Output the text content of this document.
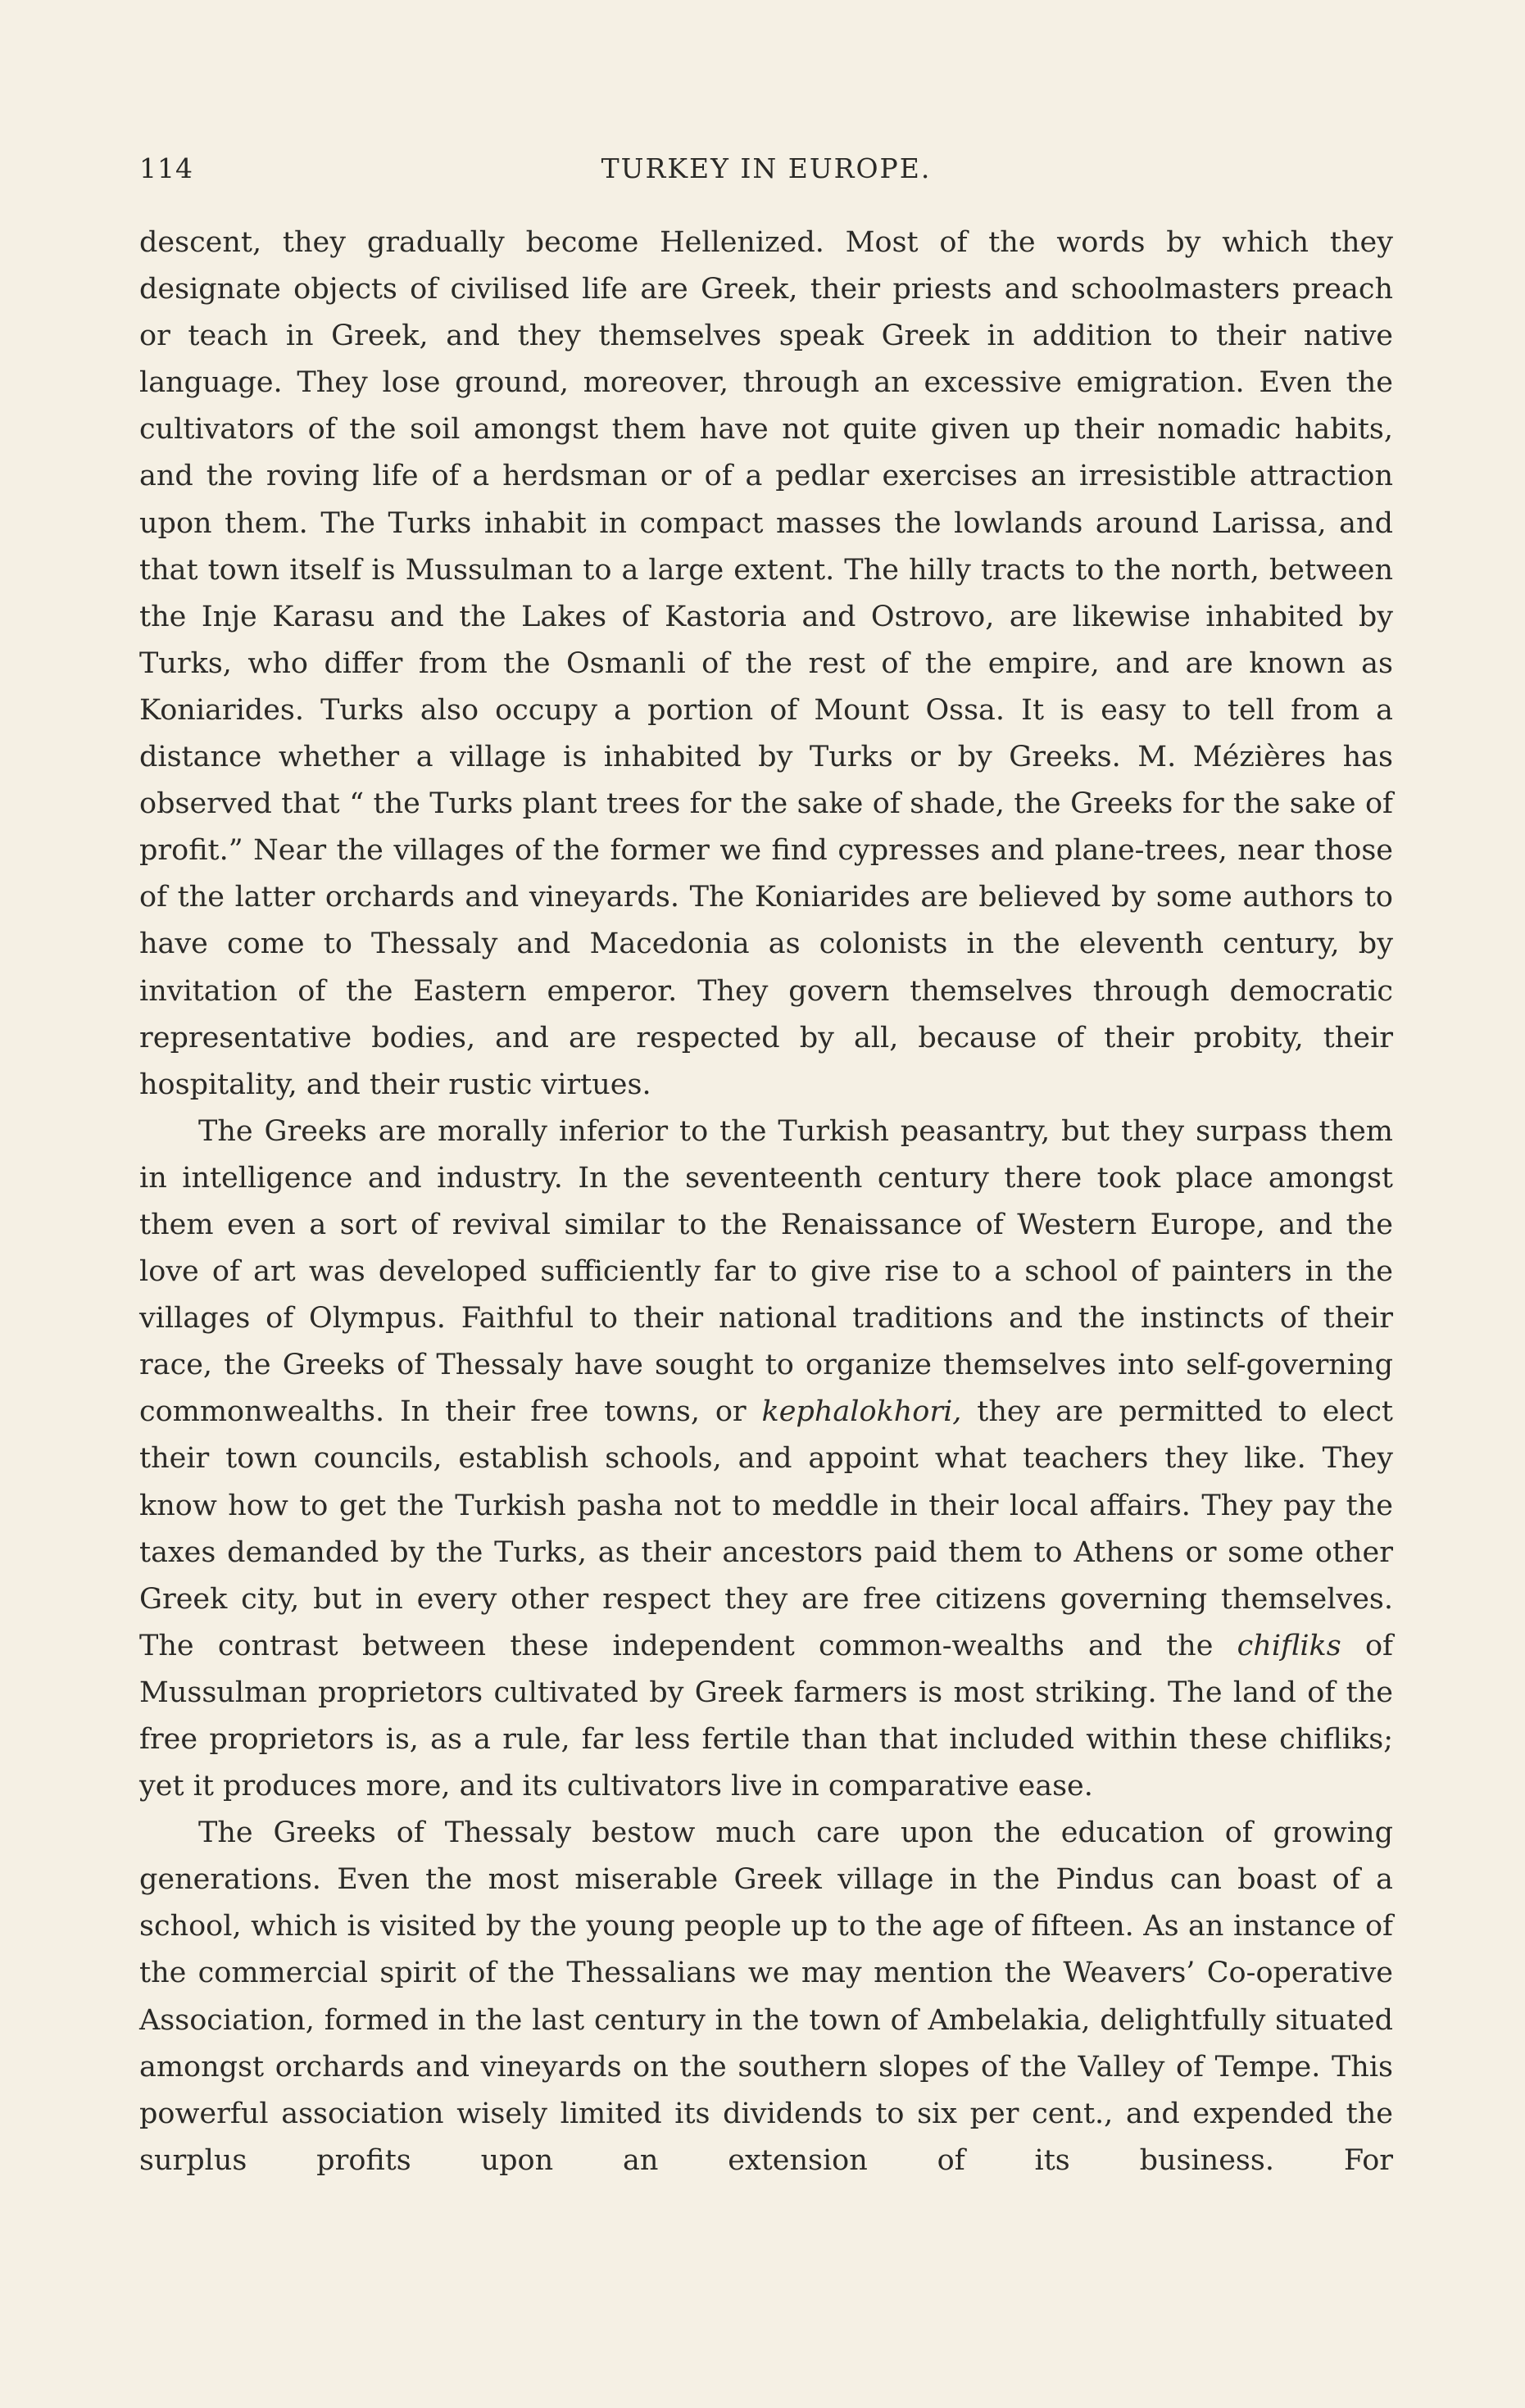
114	TURKEY IN EUROPE.

descent, they gradually become Hellenized. Most of the words by which they designate objects of civilised life are Greek, their priests and schoolmasters preach or teach in Greek, and they themselves speak Greek in addition to their native language. They lose ground, moreover, through an excessive emigration. Even the cultivators of the soil amongst them have not quite given up their nomadic habits, and the roving life of a herdsman or of a pedlar exercises an irresistible attraction upon them. The Turks inhabit in compact masses the lowlands around Larissa, and that town itself is Mussulman to a large extent. The hilly tracts to the north, between the Inje Karasu and the Lakes of Kastoria and Ostrovo, are likewise inhabited by Turks, who differ from the Osmanli of the rest of the empire, and are known as Koniarides. Turks also occupy a portion of Mount Ossa. It is easy to tell from a distance whether a village is inhabited by Turks or by Greeks. M. Mézières has observed that “ the Turks plant trees for the sake of shade, the Greeks for the sake of profit.” Near the villages of the former we find cypresses and plane-trees, near those of the latter orchards and vineyards. The Koniarides are believed by some authors to have come to Thessaly and Macedonia as colonists in the eleventh century, by invitation of the Eastern emperor. They govern themselves through democratic representative bodies, and are respected by all, because of their probity, their hospitality, and their rustic virtues.

The Greeks are morally inferior to the Turkish peasantry, but they surpass them in intelligence and industry. In the seventeenth century there took place amongst them even a sort of revival similar to the Renaissance of Western Europe, and the love of art was developed sufficiently far to give rise to a school of painters in the villages of Olympus. Faithful to their national traditions and the instincts of their race, the Greeks of Thessaly have sought to organize themselves into self-governing commonwealths. In their free towns, or kephalokhori, they are permitted to elect their town councils, establish schools, and appoint what teachers they like. They know how to get the Turkish pasha not to meddle in their local affairs. They pay the taxes demanded by the Turks, as their ancestors paid them to Athens or some other Greek city, but in every other respect they are free citizens governing themselves. The contrast between these independent common-wealths and the chifliks of Mussulman proprietors cultivated by Greek farmers is most striking. The land of the free proprietors is, as a rule, far less fertile than that included within these chifliks; yet it produces more, and its cultivators live in comparative ease.

The Greeks of Thessaly bestow much care upon the education of growing generations. Even the most miserable Greek village in the Pindus can boast of a school, which is visited by the young people up to the age of fifteen. As an instance of the commercial spirit of the Thessalians we may mention the Weavers’ Co-operative Association, formed in the last century in the town of Ambelakia, delightfully situated amongst orchards and vineyards on the southern slopes of the Valley of Tempe. This powerful association wisely limited its dividends to six per cent., and expended the surplus profits upon an extension of its business. For
